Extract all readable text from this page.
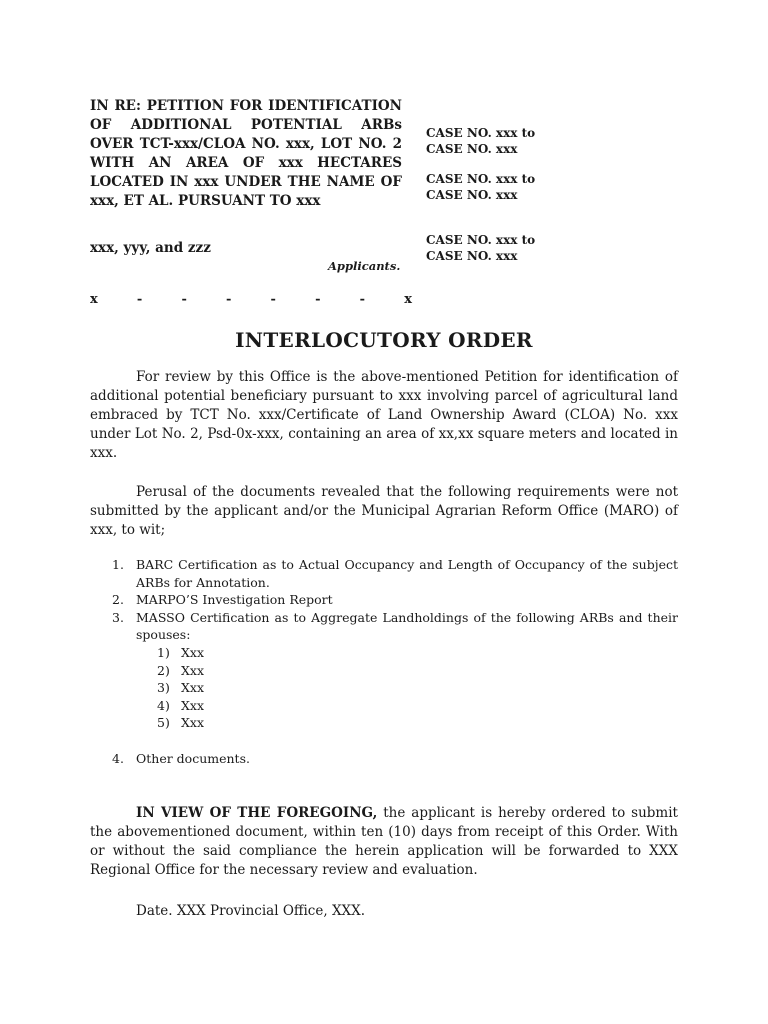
IN RE: PETITION FOR IDENTIFICATION OF ADDITIONAL POTENTIAL ARBs OVER TCT-xxx/CLOA NO. xxx, LOT NO. 2 WITH AN AREA OF xxx HECTARES LOCATED IN xxx UNDER THE NAME OF xxx, ET AL. PURSUANT TO xxx
CASE NO. xxx to
CASE NO. xxx
CASE NO. xxx to
CASE NO. xxx
CASE NO. xxx to
CASE NO. xxx
xxx, yyy, and zzz
Applicants.
x	-	-	-	-	-	-	x
INTERLOCUTORY ORDER

For review by this Office is the above-mentioned Petition for identification of additional potential beneficiary pursuant to xxx involving parcel of agricultural land embraced by TCT No. xxx/Certificate of Land Ownership Award (CLOA) No. xxx under Lot No. 2, Psd-0x-xxx, containing an area of xx,xx square meters and located in xxx.

Perusal of the documents revealed that the following requirements were not submitted by the applicant and/or the Municipal Agrarian Reform Office (MARO) of xxx, to wit;

1. BARC Certification as to Actual Occupancy and Length of Occupancy of the subject ARBs for Annotation.
2. MARPO’S Investigation Report
3. MASSO Certification as to Aggregate Landholdings of the following ARBs and their spouses:
1) Xxx
2) Xxx
3) Xxx
4) Xxx
5) Xxx
4. Other documents.

IN VIEW OF THE FOREGOING, the applicant is hereby ordered to submit the abovementioned document, within ten (10) days from receipt of this Order. With or without the said compliance the herein application will be forwarded to XXX Regional Office for the necessary review and evaluation.

Date. XXX Provincial Office, XXX.
